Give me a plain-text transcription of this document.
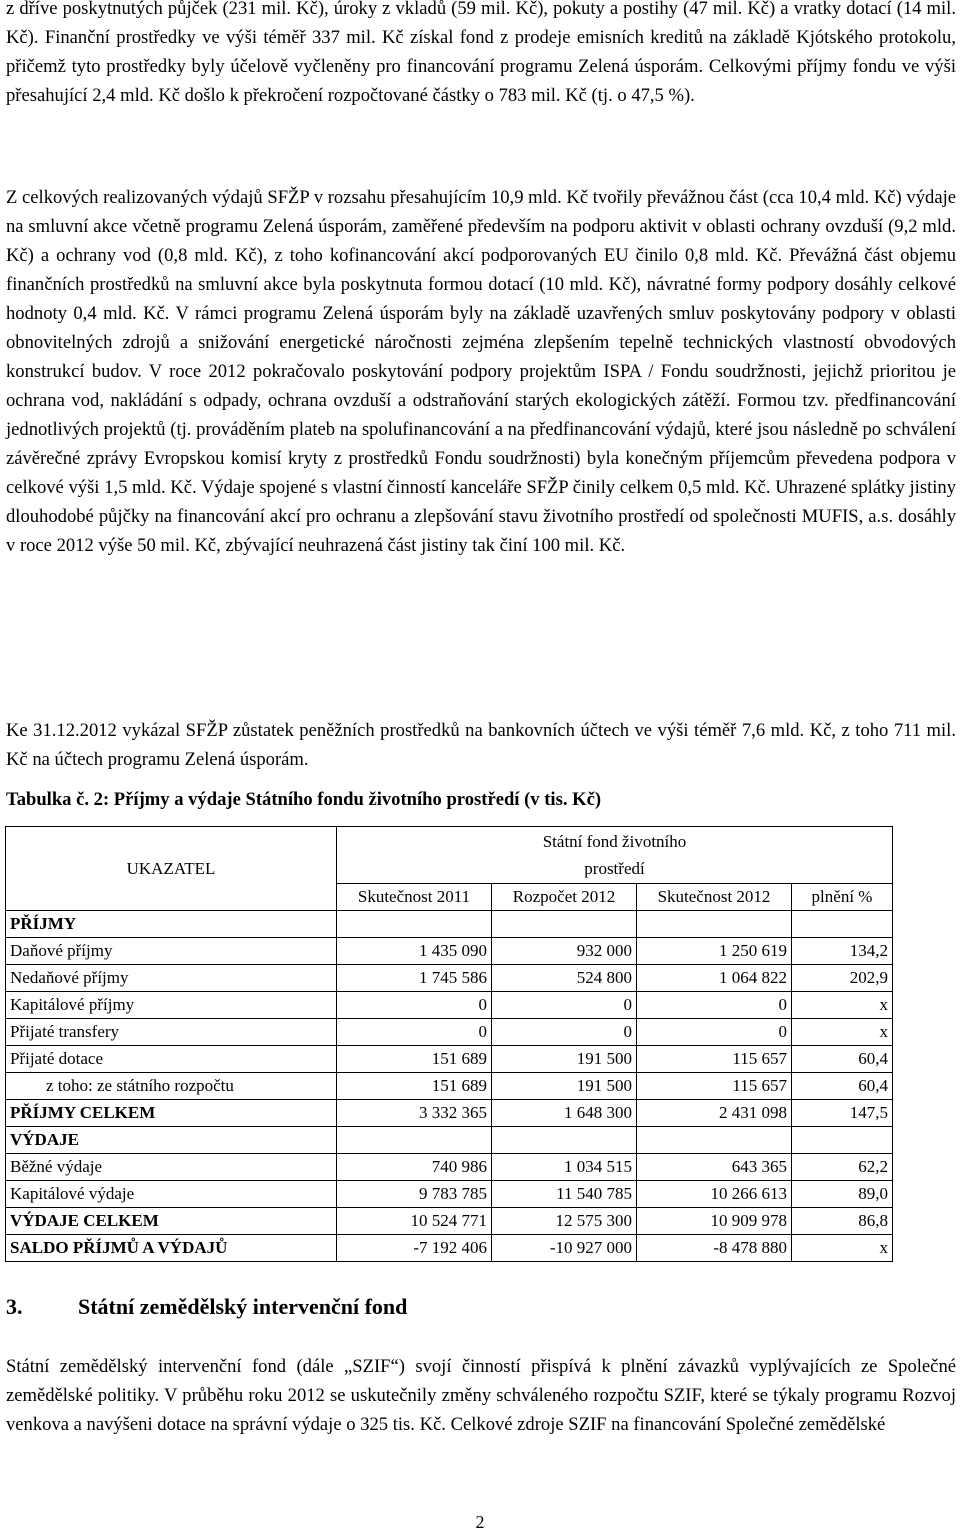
z dříve poskytnutých půjček (231 mil. Kč), úroky z vkladů (59 mil. Kč), pokuty a postihy (47 mil. Kč) a vratky dotací (14 mil. Kč). Finanční prostředky ve výši téměř 337 mil. Kč získal fond z prodeje emisních kreditů na základě Kjótského protokolu, přičemž tyto prostředky byly účelově vyčleněny pro financování programu Zelená úsporám. Celkovými příjmy fondu ve výši přesahující 2,4 mld. Kč došlo k překročení rozpočtované částky o 783 mil. Kč (tj. o 47,5 %).

Z celkových realizovaných výdajů SFŽP v rozsahu přesahujícím 10,9 mld. Kč tvořily převážnou část (cca 10,4 mld. Kč) výdaje na smluvní akce včetně programu Zelená úsporám, zaměřené především na podporu aktivit v oblasti ochrany ovzduší (9,2 mld. Kč) a ochrany vod (0,8 mld. Kč), z toho kofinancování akcí podporovaných EU činilo 0,8 mld. Kč. Převážná část objemu finančních prostředků na smluvní akce byla poskytnuta formou dotací (10 mld. Kč), návratné formy podpory dosáhly celkové hodnoty 0,4 mld. Kč. V rámci programu Zelená úsporám byly na základě uzavřených smluv poskytovány podpory v oblasti obnovitelných zdrojů a snižování energetické náročnosti zejména zlepšením tepelně technických vlastností obvodových konstrukcí budov. V roce 2012 pokračovalo poskytování podpory projektům ISPA / Fondu soudržnosti, jejichž prioritou je ochrana vod, nakládání s odpady, ochrana ovzduší a odstraňování starých ekologických zátěží. Formou tzv. předfinancování jednotlivých projektů (tj. prováděním plateb na spolufinancování a na předfinancování výdajů, které jsou následně po schválení závěrečné zprávy Evropskou komisí kryty z prostředků Fondu soudržnosti) byla konečným příjemcům převedena podpora v celkové výši 1,5 mld. Kč. Výdaje spojené s vlastní činností kanceláře SFŽP činily celkem 0,5 mld. Kč. Uhrazené splátky jistiny dlouhodobé půjčky na financování akcí pro ochranu a zlepšování stavu životního prostředí od společnosti MUFIS, a.s. dosáhly v roce 2012 výše 50 mil. Kč, zbývající neuhrazená část jistiny tak činí 100 mil. Kč.

Ke 31.12.2012 vykázal SFŽP zůstatek peněžních prostředků na bankovních účtech ve výši téměř 7,6 mld. Kč, z toho 711 mil. Kč na účtech programu Zelená úsporám.

Tabulka č. 2: Příjmy a výdaje Státního fondu životního prostředí (v tis. Kč)

UKAZATEL	Státní fond životního prostředí			
	Skutečnost 2011	Rozpočet 2012	Skutečnost 2012	plnění %
PŘÍJMY				
Daňové příjmy	1 435 090	932 000	1 250 619	134,2
Nedaňové příjmy	1 745 586	524 800	1 064 822	202,9
Kapitálové příjmy	0	0	0	x
Přijaté transfery	0	0	0	x
Přijaté dotace	151 689	191 500	115 657	60,4
z toho: ze státního rozpočtu	151 689	191 500	115 657	60,4
PŘÍJMY CELKEM	3 332 365	1 648 300	2 431 098	147,5
VÝDAJE				
Běžné výdaje	740 986	1 034 515	643 365	62,2
Kapitálové výdaje	9 783 785	11 540 785	10 266 613	89,0
VÝDAJE CELKEM	10 524 771	12 575 300	10 909 978	86,8
SALDO PŘÍJMŮ A VÝDAJŮ	-7 192 406	-10 927 000	-8 478 880	x

3.	Státní zemědělský intervenční fond

Státní zemědělský intervenční fond (dále „SZIF“) svojí činností přispívá k plnění závazků vyplývajících ze Společné zemědělské politiky. V průběhu roku 2012 se uskutečnily změny schváleného rozpočtu SZIF, které se týkaly programu Rozvoj venkova a navýšeni dotace na správní výdaje o 325 tis. Kč. Celkové zdroje SZIF na financování Společné zemědělské

2
